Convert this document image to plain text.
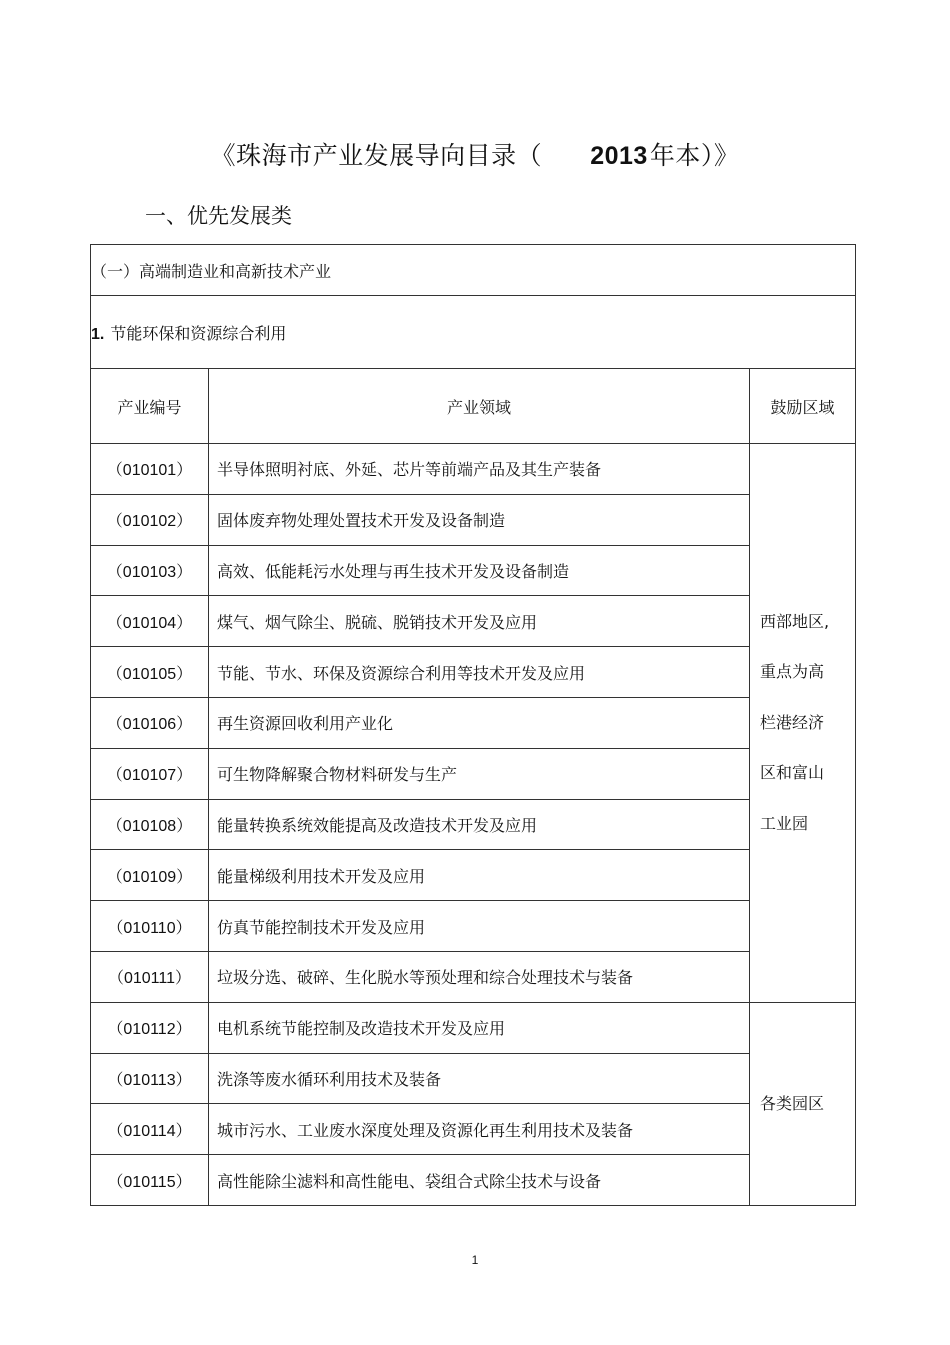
《珠海市产业发展导向目录（ 2013年本）》
一、优先发展类
（一）高端制造业和高新技术产业		
1. 节能环保和资源综合利用		
产业编号	产业领域	鼓励区域
（010101）	半导体照明衬底、外延、芯片等前端产品及其生产装备	西部地区,
重点为高
栏港经济
区和富山
工业园

（010102）	固体废弃物处理处置技术开发及设备制造	
（010103）	高效、低能耗污水处理与再生技术开发及设备制造	
（010104）	煤气、烟气除尘、脱硫、脱销技术开发及应用	
（010105）	节能、节水、环保及资源综合利用等技术开发及应用	
（010106）	再生资源回收利用产业化	
（010107）	可生物降解聚合物材料研发与生产	
（010108）	能量转换系统效能提高及改造技术开发及应用	
（010109）	能量梯级利用技术开发及应用	
（010110）	仿真节能控制技术开发及应用	
（010111）	垃圾分选、破碎、生化脱水等预处理和综合处理技术与装备	
（010112）	电机系统节能控制及改造技术开发及应用	各类园区
（010113）	洗涤等废水循环利用技术及装备	
（010114）	城市污水、工业废水深度处理及资源化再生利用技术及装备	
（010115）	高性能除尘滤料和高性能电、袋组合式除尘技术与设备	
1
